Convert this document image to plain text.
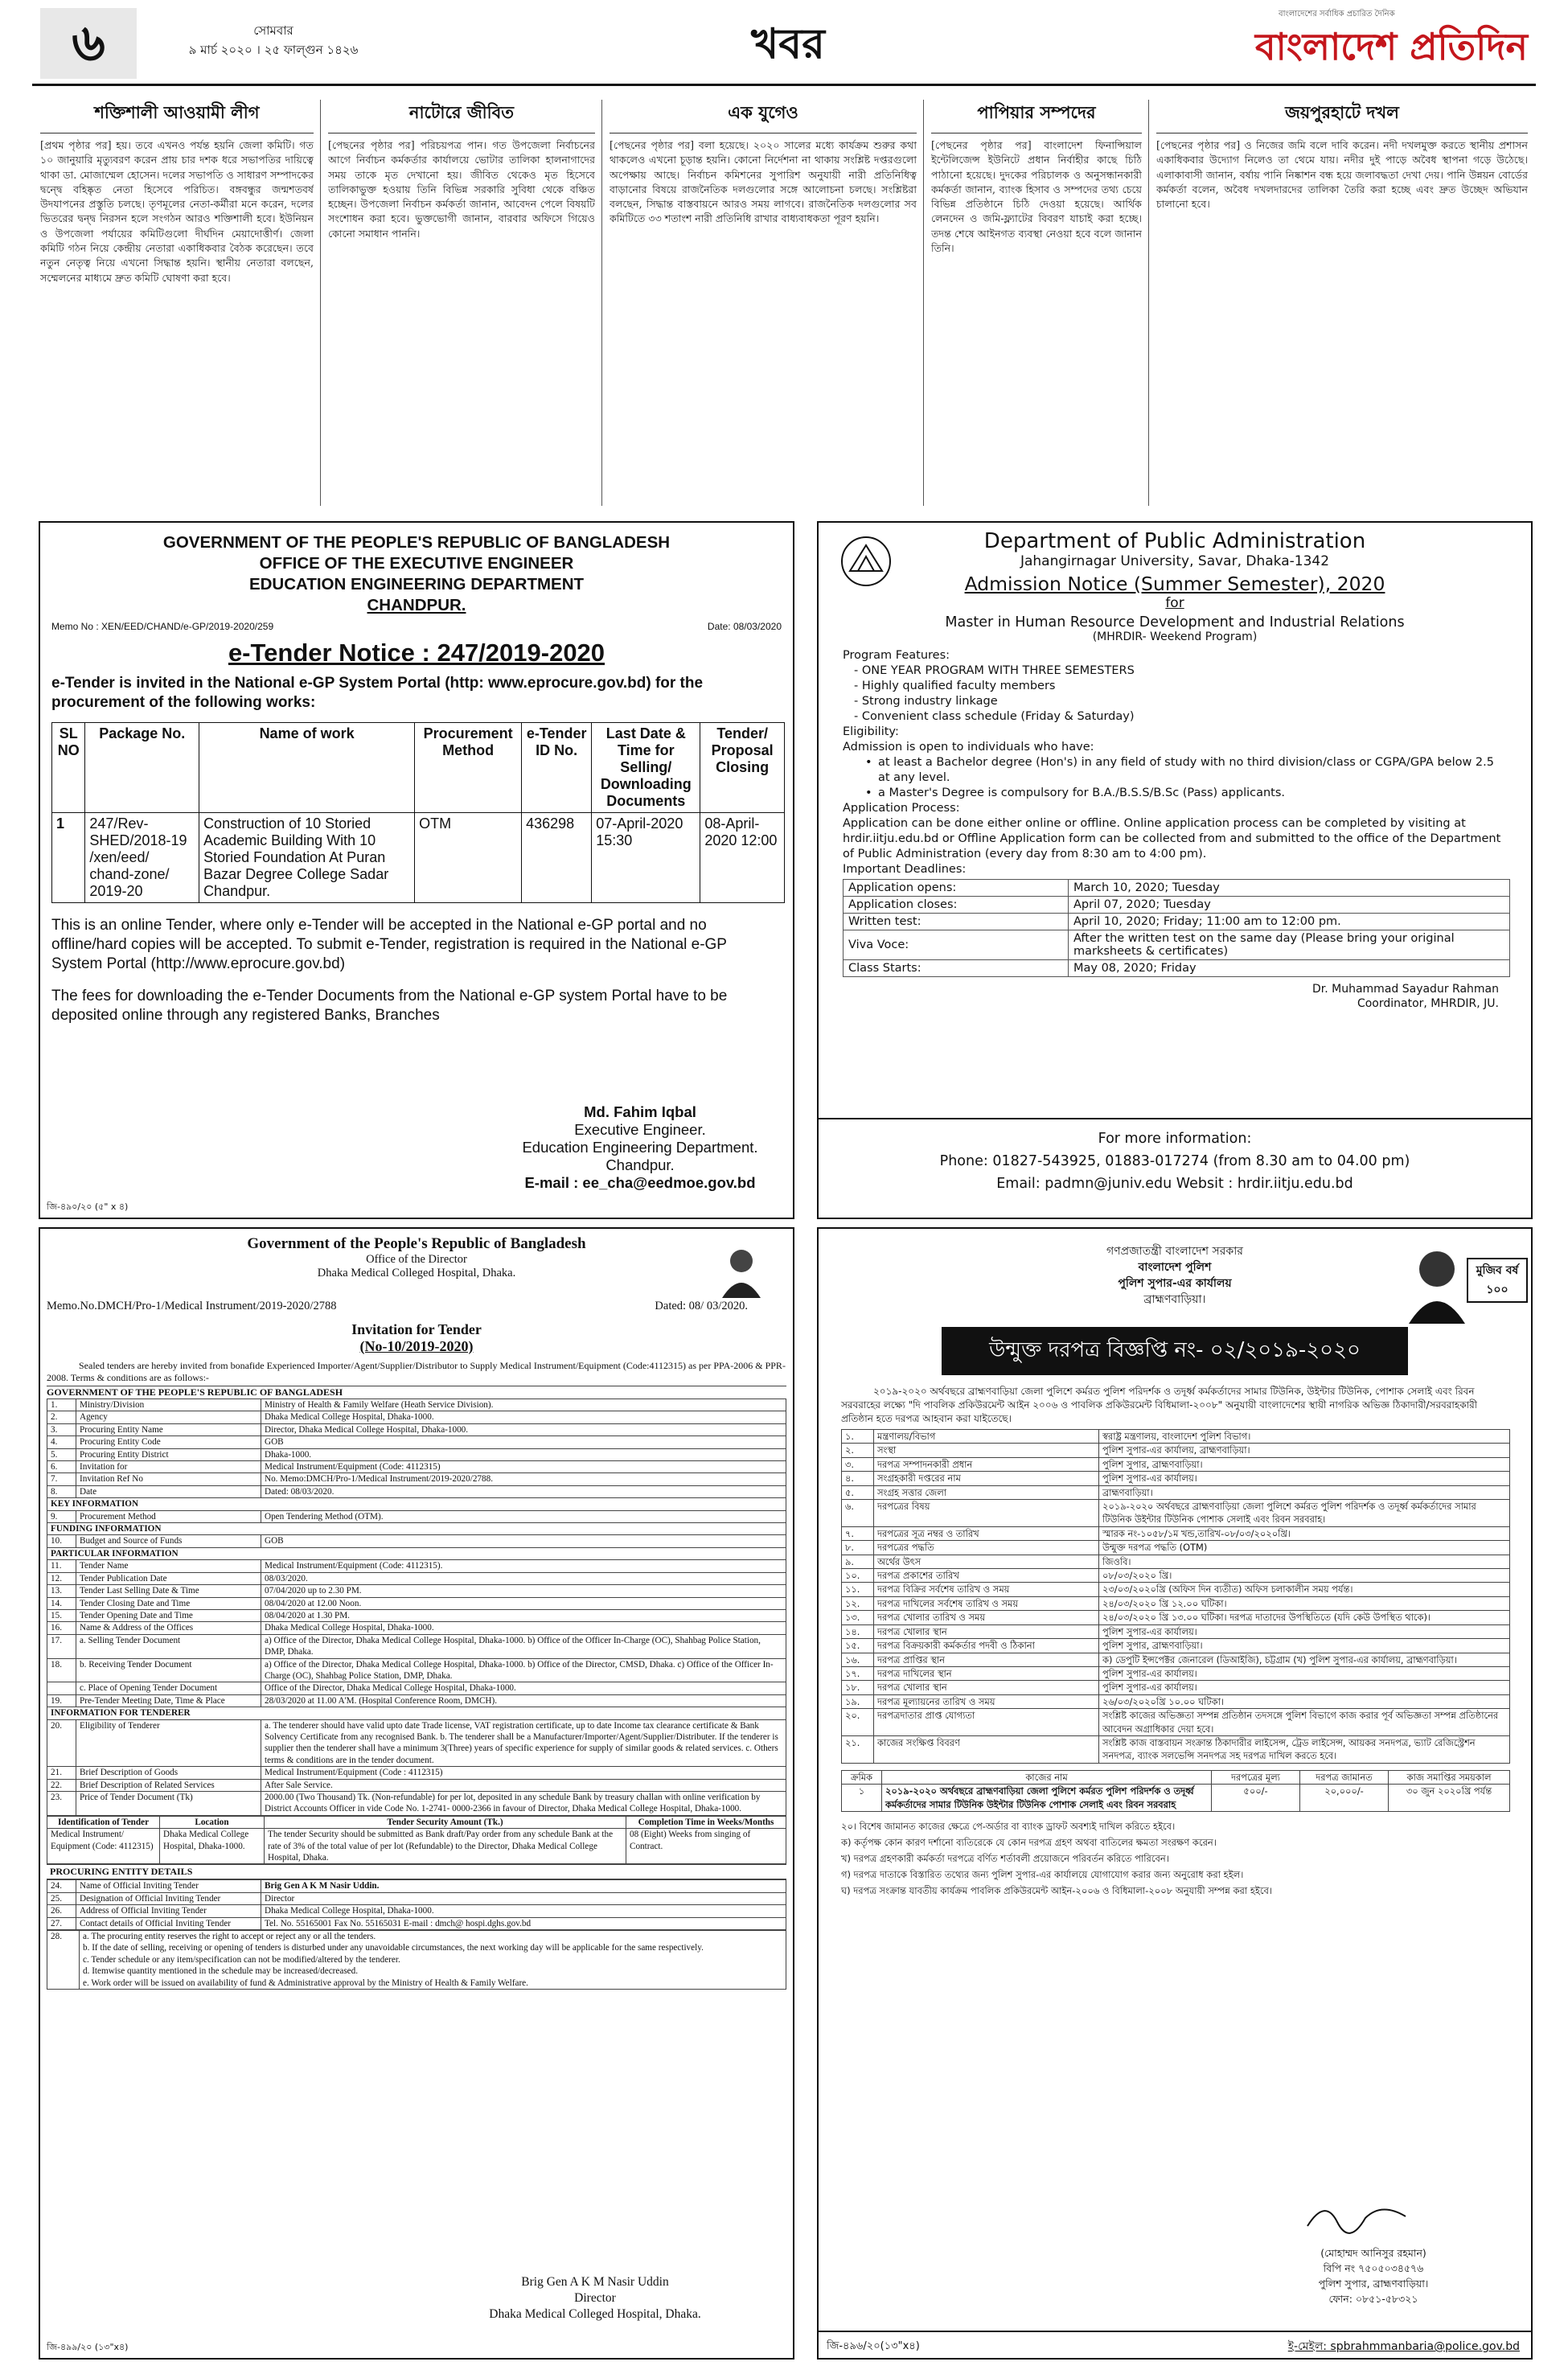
৬	সোমবার
৯ মার্চ ২০২০ । ২৫ ফাল্গুন ১৪২৬	খবর
বাংলাদেশের সর্বাধিক প্রচারিত দৈনিক
বাংলাদেশ প্রতিদিন
শক্তিশালী আওয়ামী লীগ
[প্রথম পৃষ্ঠার পর] হয়। তবে এখনও পর্যন্ত হয়নি জেলা কমিটি। গত ১০ জানুয়ারি মৃত্যুবরণ করেন প্রায় চার দশক ধরে সভাপতির দায়িত্বে থাকা ডা. মোজাম্মেল হোসেন। দলের সভাপতি ও সাধারণ সম্পাদকের দ্বন্দ্বে বহিষ্কৃত নেতা হিসেবে পরিচিত। বঙ্গবন্ধুর জন্মশতবর্ষ উদযাপনের প্রস্তুতি চলছে। তৃণমূলের নেতা-কর্মীরা মনে করেন, দলের ভিতরের দ্বন্দ্ব নিরসন হলে সংগঠন আরও শক্তিশালী হবে। ইউনিয়ন ও উপজেলা পর্যায়ের কমিটিগুলো দীর্ঘদিন মেয়াদোত্তীর্ণ। জেলা কমিটি গঠন নিয়ে কেন্দ্রীয় নেতারা একাধিকবার বৈঠক করেছেন। তবে নতুন নেতৃত্ব নিয়ে এখনো সিদ্ধান্ত হয়নি। স্থানীয় নেতারা বলছেন, সম্মেলনের মাধ্যমে দ্রুত কমিটি ঘোষণা করা হবে।
নাটোরে জীবিত
[পেছনের পৃষ্ঠার পর] পরিচয়পত্র পান। গত উপজেলা নির্বাচনের আগে নির্বাচন কর্মকর্তার কার্যালয়ে ভোটার তালিকা হালনাগাদের সময় তাকে মৃত দেখানো হয়। জীবিত থেকেও মৃত হিসেবে তালিকাভুক্ত হওয়ায় তিনি বিভিন্ন সরকারি সুবিধা থেকে বঞ্চিত হচ্ছেন। উপজেলা নির্বাচন কর্মকর্তা জানান, আবেদন পেলে বিষয়টি সংশোধন করা হবে। ভুক্তভোগী জানান, বারবার অফিসে গিয়েও কোনো সমাধান পাননি।
এক যুগেও
[পেছনের পৃষ্ঠার পর] বলা হয়েছে। ২০২০ সালের মধ্যে কার্যক্রম শুরুর কথা থাকলেও এখনো চূড়ান্ত হয়নি। কোনো নির্দেশনা না থাকায় সংশ্লিষ্ট দপ্তরগুলো অপেক্ষায় আছে। নির্বাচন কমিশনের সুপারিশ অনুযায়ী নারী প্রতিনিধিত্ব বাড়ানোর বিষয়ে রাজনৈতিক দলগুলোর সঙ্গে আলোচনা চলছে। সংশ্লিষ্টরা বলছেন, সিদ্ধান্ত বাস্তবায়নে আরও সময় লাগবে। রাজনৈতিক দলগুলোর সব কমিটিতে ৩৩ শতাংশ নারী প্রতিনিধি রাখার বাধ্যবাধকতা পূরণ হয়নি।
পাপিয়ার সম্পদের
[পেছনের পৃষ্ঠার পর] বাংলাদেশ ফিনান্সিয়াল ইন্টেলিজেন্স ইউনিটে প্রধান নির্বাহীর কাছে চিঠি পাঠানো হয়েছে। দুদকের পরিচালক ও অনুসন্ধানকারী কর্মকর্তা জানান, ব্যাংক হিসাব ও সম্পদের তথ্য চেয়ে বিভিন্ন প্রতিষ্ঠানে চিঠি দেওয়া হয়েছে। আর্থিক লেনদেন ও জমি-ফ্ল্যাটের বিবরণ যাচাই করা হচ্ছে। তদন্ত শেষে আইনগত ব্যবস্থা নেওয়া হবে বলে জানান তিনি।
জয়পুরহাটে দখল
[পেছনের পৃষ্ঠার পর] ও নিজের জমি বলে দাবি করেন। নদী দখলমুক্ত করতে স্থানীয় প্রশাসন একাধিকবার উদ্যোগ নিলেও তা থেমে যায়। নদীর দুই পাড়ে অবৈধ স্থাপনা গড়ে উঠেছে। এলাকাবাসী জানান, বর্ষায় পানি নিষ্কাশন বন্ধ হয়ে জলাবদ্ধতা দেখা দেয়। পানি উন্নয়ন বোর্ডের কর্মকর্তা বলেন, অবৈধ দখলদারদের তালিকা তৈরি করা হচ্ছে এবং দ্রুত উচ্ছেদ অভিযান চালানো হবে।
GOVERNMENT OF THE PEOPLE'S REPUBLIC OF BANGLADESH
OFFICE OF THE EXECUTIVE ENGINEER
EDUCATION ENGINEERING DEPARTMENT
CHANDPUR.
Memo No : XEN/EED/CHAND/e-GP/2019-2020/259	Date: 08/03/2020
e-Tender Notice : 247/2019-2020
e-Tender is invited in the National e-GP System Portal (http: www.eprocure.gov.bd) for the procurement of the following works:
SL NO	Package No.	Name of work	Procurement Method	e-Tender ID No.	Last Date & Time for Selling/ Downloading Documents	Tender/ Proposal Closing
1	247/Rev-SHED/2018-19 /xen/eed/ chand-zone/ 2019-20	Construction of 10 Storied Academic Building With 10 Storied Foundation At Puran Bazar Degree College Sadar Chandpur.	OTM	436298	07-April-2020 15:30	08-April-2020 12:00
This is an online Tender, where only e-Tender will be accepted in the National e-GP portal and no offline/hard copies will be accepted. To submit e-Tender, registration is required in the National e-GP System Portal (http://www.eprocure.gov.bd)
The fees for downloading the e-Tender Documents from the National e-GP system Portal have to be deposited online through any registered Banks, Branches
Md. Fahim Iqbal
Executive Engineer.
Education Engineering Department.
Chandpur.
E-mail : ee_cha@eedmoe.gov.bd
জি-৪৯০/২০ (৫" x ৪)
Department of Public Administration
Jahangirnagar University, Savar, Dhaka-1342
Admission Notice (Summer Semester), 2020
for
Master in Human Resource Development and Industrial Relations
(MHRDIR- Weekend Program)
Program Features:
- ONE YEAR PROGRAM WITH THREE SEMESTERS
- Highly qualified faculty members
- Strong industry linkage
- Convenient class schedule (Friday & Saturday)
Eligibility:
Admission is open to individuals who have:
• at least a Bachelor degree (Hon's) in any field of study with no third division/class or CGPA/GPA below 2.5 at any level.
• a Master's Degree is compulsory for B.A./B.S.S/B.Sc (Pass) applicants.
Application Process:
Application can be done either online or offline. Online application process can be completed by visiting at hrdir.iitju.edu.bd or Offline Application form can be collected from and submitted to the office of the Department of Public Administration (every day from 8:30 am to 4:00 pm).
Important Deadlines:
Application opens:	March 10, 2020; Tuesday
Application closes:	April 07, 2020; Tuesday
Written test:	April 10, 2020; Friday; 11:00 am to 12:00 pm.
Viva Voce:	After the written test on the same day (Please bring your original marksheets & certificates)
Class Starts:	May 08, 2020; Friday
Dr. Muhammad Sayadur Rahman
Coordinator, MHRDIR, JU.
For more information:
Phone: 01827-543925, 01883-017274 (from 8.30 am to 04.00 pm)
Email: padmn@juniv.edu Websit : hrdir.iitju.edu.bd
Government of the People's Republic of Bangladesh
Office of the Director
Dhaka Medical Colleged Hospital, Dhaka.
Memo.No.DMCH/Pro-1/Medical Instrument/2019-2020/2788	Dated: 08/ 03/2020.
Invitation for Tender
(No-10/2019-2020)
Sealed tenders are hereby invited from bonafide Experienced Importer/Agent/Supplier/Distributor to Supply Medical Instrument/Equipment (Code:4112315) as per PPA-2006 & PPR-2008. Terms & conditions are as follows:-
GOVERNMENT OF THE PEOPLE'S REPUBLIC OF BANGLADESH
1.	Ministry/Division	Ministry of Health & Family Welfare (Heath Service Division).
2.	Agency	Dhaka Medical College Hospital, Dhaka-1000.
3.	Procuring Entity Name	Director, Dhaka Medical College Hospital, Dhaka-1000.
4.	Procuring Entity Code	GOB
5.	Procuring Entity District	Dhaka-1000.
6.	Invitation for	Medical Instrument/Equipment (Code: 4112315)
7.	Invitation Ref No	No. Memo:DMCH/Pro-1/Medical Instrument/2019-2020/2788.
8.	Date	Dated: 08/03/2020.
KEY INFORMATION		
9.	Procurement Method	Open Tendering Method (OTM).
FUNDING INFORMATION		
10.	Budget and Source of Funds	GOB
PARTICULAR INFORMATION		
11.	Tender Name	Medical Instrument/Equipment (Code: 4112315).
12.	Tender Publication Date	08/03/2020.
13.	Tender Last Selling Date & Time	07/04/2020 up to 2.30 PM.
14.	Tender Closing Date and Time	08/04/2020 at 12.00 Noon.
15.	Tender Opening Date and Time	08/04/2020 at 1.30 PM.
16.	Name & Address of the Offices	Dhaka Medical College Hospital, Dhaka-1000.
17.	a. Selling Tender Document	a) Office of the Director, Dhaka Medical College Hospital, Dhaka-1000. b) Office of the Officer In-Charge (OC), Shahbag Police Station, DMP, Dhaka.
18.	b. Receiving Tender Document	a) Office of the Director, Dhaka Medical College Hospital, Dhaka-1000. b) Office of the Director, CMSD, Dhaka. c) Office of the Officer In-Charge (OC), Shahbag Police Station, DMP, Dhaka.
	c. Place of Opening Tender Document	Office of the Director, Dhaka Medical College Hospital, Dhaka-1000.
19.	Pre-Tender Meeting Date, Time & Place	28/03/2020 at 11.00 A'M. (Hospital Conference Room, DMCH).
INFORMATION FOR TENDERER		
20.	Eligibility of Tenderer	a. The tenderer should have valid upto date Trade license, VAT registration certificate, up to date Income tax clearance certificate & Bank Solvency Certificate from any recognised Bank. b. The tenderer shall be a Manufacturer/Importer/Agent/Supplier/Distributer. If the tenderer is supplier then the tenderer shall have a minimum 3(Three) years of specific experience for supply of similar goods & related services. c. Others terms & conditions are in the tender document.
21.	Brief Description of Goods	Medical Instrument/Equipment (Code : 4112315)
22.	Brief Description of Related Services	After Sale Service.
23.	Price of Tender Document (Tk)	2000.00 (Two Thousand) Tk. (Non-refundable) for per lot, deposited in any schedule Bank by treasury challan with online verification by District Accounts Officer in vide Code No. 1-2741- 0000-2366 in favour of Director, Dhaka Medical College Hospital, Dhaka-1000.
Identification of Tender	Location	Tender Security Amount (Tk.)	Completion Time in Weeks/Months
Medical Instrument/ Equipment (Code: 4112315)	Dhaka Medical College Hospital, Dhaka-1000.	The tender Security should be submitted as Bank draft/Pay order from any schedule Bank at the rate of 3% of the total value of per lot (Refundable) to the Director, Dhaka Medical College Hospital, Dhaka.	08 (Eight) Weeks from singing of Contract.
PROCURING ENTITY DETAILS
24.	Name of Official Inviting Tender	Brig Gen A K M Nasir Uddin.
25.	Designation of Official Inviting Tender	Director
26.	Address of Official Inviting Tender	Dhaka Medical College Hospital, Dhaka-1000.
27.	Contact details of Official Inviting Tender	Tel. No. 55165001 Fax No. 55165031 E-mail : dmch@ hospi.dghs.gov.bd
28.	a. The procuring entity reserves the right to accept or reject any or all the tenders.
b. If the date of selling, receiving or opening of tenders is disturbed under any unavoidable circumstances, the next working day will be applicable for the same respectively.
c. Tender schedule or any item/specification can not be modified/altered by the tenderer.
d. Itemwise quantity mentioned in the schedule may be increased/decreased.
e. Work order will be issued on availability of fund & Administrative approval by the Ministry of Health & Family Welfare.
Brig Gen A K M Nasir Uddin
Director
Dhaka Medical Colleged Hospital, Dhaka.
জি-৪৯৯/২০ (১৩"x৪)
মুজিব বর্ষ ১০০
গণপ্রজাতন্ত্রী বাংলাদেশ সরকার
বাংলাদেশ পুলিশ
পুলিশ সুপার-এর কার্যালয়
ব্রাহ্মণবাড়িয়া।
উন্মুক্ত দরপত্র বিজ্ঞপ্তি নং- ০২/২০১৯-২০২০
২০১৯-২০২০ অর্থবছরে ব্রাহ্মণবাড়িয়া জেলা পুলিশে কর্মরত পুলিশ পরিদর্শক ও তদূর্ধ্ব কর্মকর্তাদের সামার টিউনিক, উইন্টার টিউনিক, পোশাক সেলাই এবং রিবন সরবরাহের লক্ষ্যে "দি পাবলিক প্রকিউরমেন্ট আইন ২০০৬ ও পাবলিক প্রকিউরমেন্ট বিধিমালা-২০০৮" অনুযায়ী বাংলাদেশের স্থায়ী নাগরিক অভিজ্ঞ ঠিকাদারী/সরবরাহকারী প্রতিষ্ঠান হতে দরপত্র আহবান করা যাইতেছে।
১.	মন্ত্রণালয়/বিভাগ	স্বরাষ্ট্র মন্ত্রণালয়, বাংলাদেশ পুলিশ বিভাগ।
২.	সংস্থা	পুলিশ সুপার-এর কার্যালয়, ব্রাহ্মণবাড়িয়া।
৩.	দরপত্র সম্পাদনকারী প্রধান	পুলিশ সুপার, ব্রাহ্মণবাড়িয়া।
৪.	সংগ্রহকারী দপ্তরের নাম	পুলিশ সুপার-এর কার্যালয়।
৫.	সংগ্রহ সত্তার জেলা	ব্রাহ্মণবাড়িয়া।
৬.	দরপত্রের বিষয়	২০১৯-২০২০ অর্থবছরে ব্রাহ্মণবাড়িয়া জেলা পুলিশে কর্মরত পুলিশ পরিদর্শক ও তদূর্ধ্ব কর্মকর্তাদের সামার টিউনিক উইন্টার টিউনিক পোশাক সেলাই এবং রিবন সরবরাহ।
৭.	দরপত্রের সূত্র নম্বর ও তারিখ	স্মারক নং-১০৫৮/১ম খন্ড,তারিখ-০৮/০৩/২০২০খ্রি।
৮.	দরপত্রের পদ্ধতি	উন্মুক্ত দরপত্র পদ্ধতি (OTM)
৯.	অর্থের উৎস	জিওবি।
১০.	দরপত্র প্রকাশের তারিখ	০৮/০৩/২০২০ খ্রি।
১১.	দরপত্র বিক্রির সর্বশেষ তারিখ ও সময়	২৩/০৩/২০২০খ্রি (অফিস দিন ব্যতীত) অফিস চলাকালীন সময় পর্যন্ত।
১২.	দরপত্র দাখিলের সর্বশেষ তারিখ ও সময়	২৪/০৩/২০২০ খ্রি ১২.০০ ঘটিকা।
১৩.	দরপত্র খোলার তারিখ ও সময়	২৪/০৩/২০২০ খ্রি ১৩.০০ ঘটিকা। দরপত্র দাতাদের উপস্থিতিতে (যদি কেউ উপস্থিত থাকে)।
১৪.	দরপত্র খোলার স্থান	পুলিশ সুপার-এর কার্যালয়।
১৫.	দরপত্র বিক্রয়কারী কর্মকর্তার পদবী ও ঠিকানা	পুলিশ সুপার, ব্রাহ্মণবাড়িয়া।
১৬.	দরপত্র প্রাপ্তির স্থান	ক) ডেপুটি ইন্সপেক্টর জেনারেল (ডিআইজি), চট্টগ্রাম (খ) পুলিশ সুপার-এর কার্যালয়, ব্রাহ্মণবাড়িয়া।
১৭.	দরপত্র দাখিলের স্থান	পুলিশ সুপার-এর কার্যালয়।
১৮.	দরপত্র খোলার স্থান	পুলিশ সুপার-এর কার্যালয়।
১৯.	দরপত্র মূল্যায়নের তারিখ ও সময়	২৬/০৩/২০২০খ্রি ১০.০০ ঘটিকা।
২০.	দরপত্রদাতার প্রাপ্ত যোগ্যতা	সংশ্লিষ্ট কাজের অভিজ্ঞতা সম্পন্ন প্রতিষ্ঠান তদসঙ্গে পুলিশ বিভাগে কাজ করার পূর্ব অভিজ্ঞতা সম্পন্ন প্রতিষ্ঠানের আবেদন অগ্রাধিকার দেয়া হবে।
২১.	কাজের সংক্ষিপ্ত বিবরণ	সংশ্লিষ্ট কাজ বাস্তবায়ন সংক্রান্ত ঠিকাদারীর লাইসেন্স, ট্রেড লাইসেন্স, আয়কর সনদপত্র, ভ্যাট রেজিস্ট্রেশন সনদপত্র, ব্যাংক সলভেন্সি সনদপত্র সহ দরপত্র দাখিল করতে হবে।
ক্রমিক	কাজের নাম	দরপত্রের মূল্য	দরপত্র জামানত	কাজ সমাপ্তির সময়কাল
১	২০১৯-২০২০ অর্থবছরে ব্রাহ্মণবাড়িয়া জেলা পুলিশে কর্মরত পুলিশ পরিদর্শক ও তদূর্ধ্ব কর্মকর্তাদের সামার টিউনিক উইন্টার টিউনিক পোশাক সেলাই এবং রিবন সরবরাহ	৫০০/-	২০,০০০/-	৩০ জুন ২০২০খ্রি পর্যন্ত
২০। বিশেষ জামানত কাজের ক্ষেত্রে পে-অর্ডার বা ব্যাংক ড্রাফট অবশ্যই দাখিল করিতে হইবে।
ক) কর্তৃপক্ষ কোন কারণ দর্শানো ব্যতিরেকে যে কোন দরপত্র গ্রহণ অথবা বাতিলের ক্ষমতা সংরক্ষণ করেন।
খ) দরপত্র গ্রহণকারী কর্মকর্তা দরপত্রে বর্ণিত শর্তাবলী প্রয়োজনে পরিবর্তন করিতে পারিবেন।
গ) দরপত্র দাতাকে বিস্তারিত তথ্যের জন্য পুলিশ সুপার-এর কার্যালয়ে যোগাযোগ করার জন্য অনুরোধ করা হইল।
ঘ) দরপত্র সংক্রান্ত যাবতীয় কার্যক্রম পাবলিক প্রকিউরমেন্ট আইন-২০০৬ ও বিধিমালা-২০০৮ অনুযায়ী সম্পন্ন করা হইবে।
(মোহাম্মদ আনিসুর রহমান)
বিপি নং ৭৫০৫০৩৪৫৭৬
পুলিশ সুপার, ব্রাহ্মণবাড়িয়া।
ফোন: ০৮৫১-৫৮৩২১
জি-৪৯৬/২০(১৩"x৪)	ই-মেইল: spbrahmmanbaria@police.gov.bd
